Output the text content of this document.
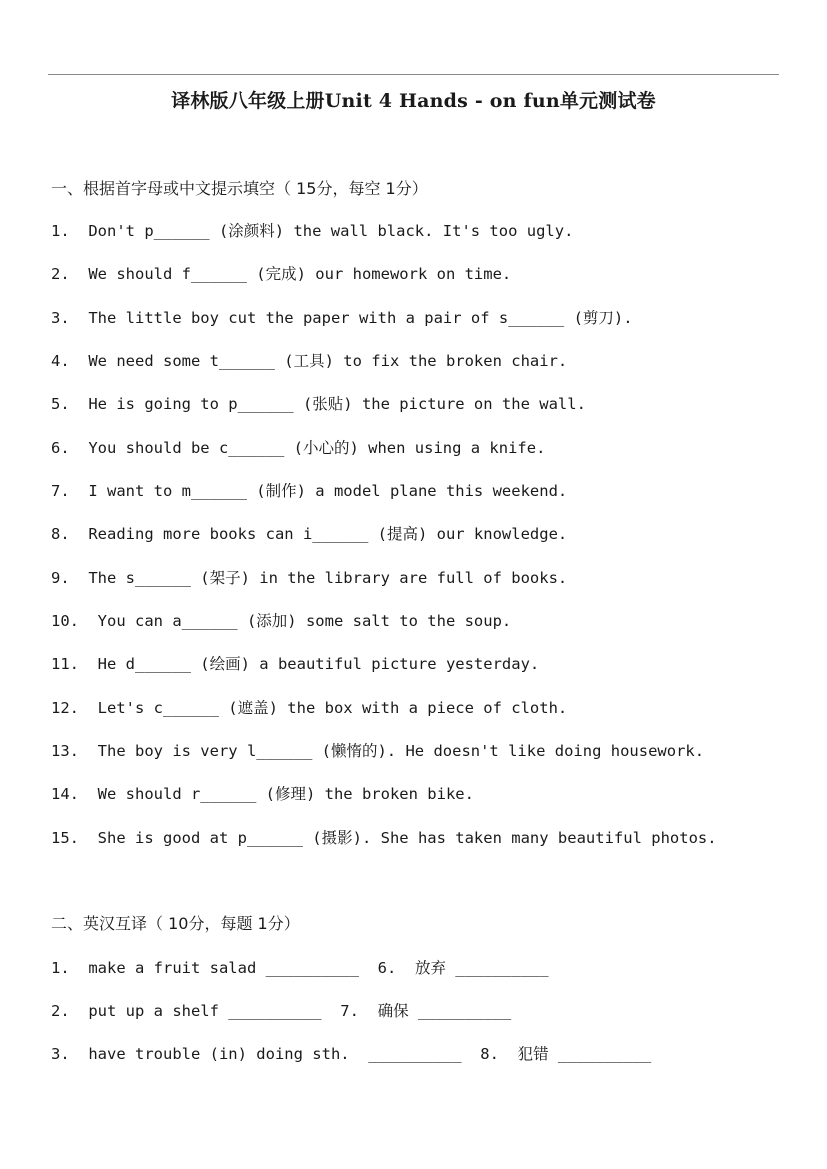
译林版八年级上册Unit 4 Hands - on fun单元测试卷
一、根据首字母或中文提示填空（ 15分，每空 1分）
1.  Don't p______ (涂颜料) the wall black. It's too ugly.
2.  We should f______ (完成) our homework on time.
3.  The little boy cut the paper with a pair of s______ (剪刀).
4.  We need some t______ (工具) to fix the broken chair.
5.  He is going to p______ (张贴) the picture on the wall.
6.  You should be c______ (小心的) when using a knife.
7.  I want to m______ (制作) a model plane this weekend.
8.  Reading more books can i______ (提高) our knowledge.
9.  The s______ (架子) in the library are full of books.
10.  You can a______ (添加) some salt to the soup.
11.  He d______ (绘画) a beautiful picture yesterday.
12.  Let's c______ (遮盖) the box with a piece of cloth.
13.  The boy is very l______ (懒惰的). He doesn't like doing housework.
14.  We should r______ (修理) the broken bike.
15.  She is good at p______ (摄影). She has taken many beautiful photos.
二、英汉互译（ 10分，每题 1分）
1.  make a fruit salad __________  6.  放弃 __________
2.  put up a shelf __________  7.  确保 __________
3.  have trouble (in) doing sth.  __________  8.  犯错 __________
